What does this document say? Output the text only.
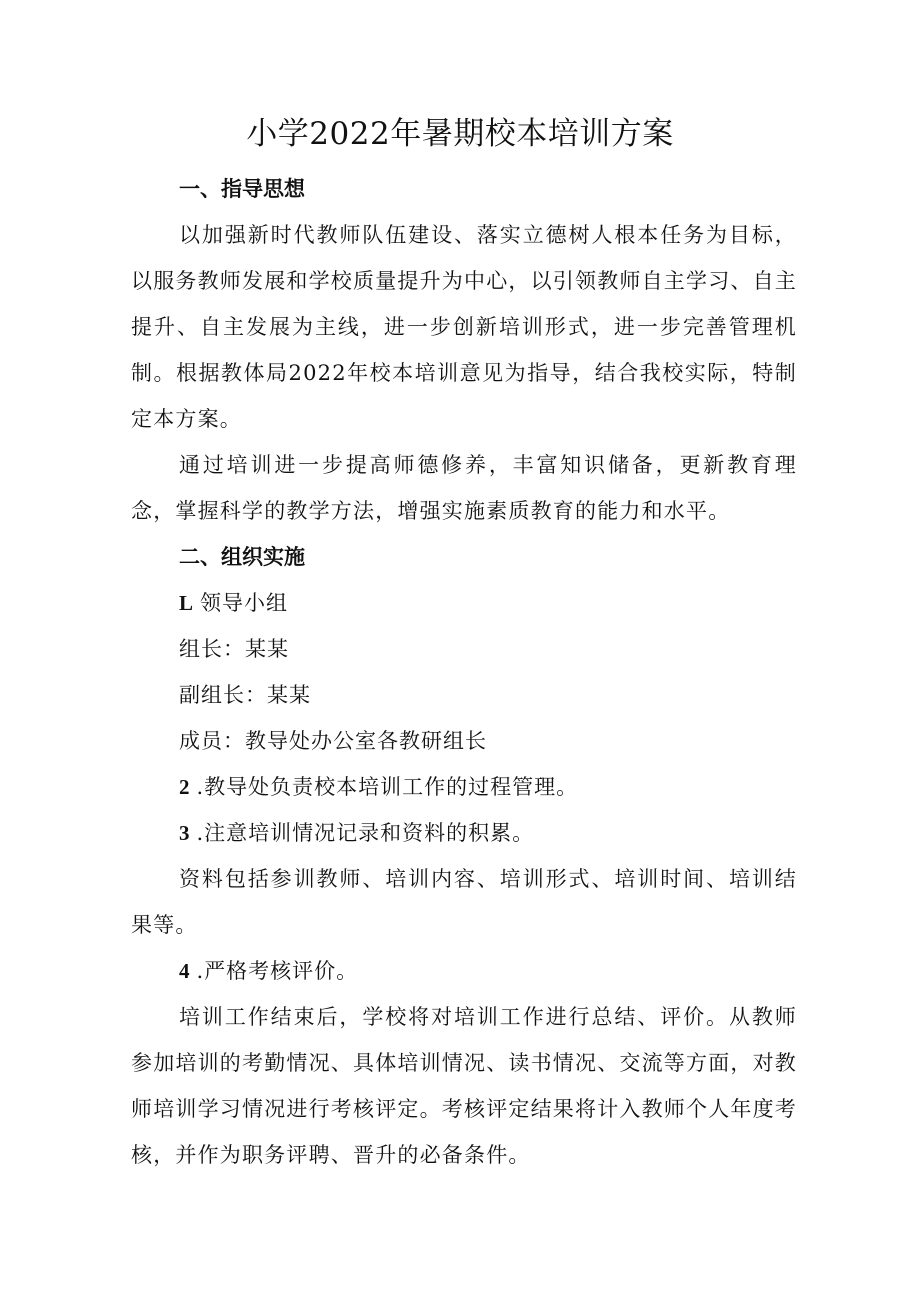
小学2022年暑期校本培训方案

一、指导思想

以加强新时代教师队伍建设、落实立德树人根本任务为目标，以服务教师发展和学校质量提升为中心，以引领教师自主学习、自主提升、自主发展为主线，进一步创新培训形式，进一步完善管理机制。根据教体局2022年校本培训意见为指导，结合我校实际，特制定本方案。

通过培训进一步提高师德修养，丰富知识储备，更新教育理念，掌握科学的教学方法，增强实施素质教育的能力和水平。

二、组织实施

L 领导小组

组长：某某

副组长：某某

成员：教导处办公室各教研组长

2 .教导处负责校本培训工作的过程管理。

3 .注意培训情况记录和资料的积累。

资料包括参训教师、培训内容、培训形式、培训时间、培训结果等。

4 .严格考核评价。

培训工作结束后，学校将对培训工作进行总结、评价。从教师参加培训的考勤情况、具体培训情况、读书情况、交流等方面，对教师培训学习情况进行考核评定。考核评定结果将计入教师个人年度考核，并作为职务评聘、晋升的必备条件。
